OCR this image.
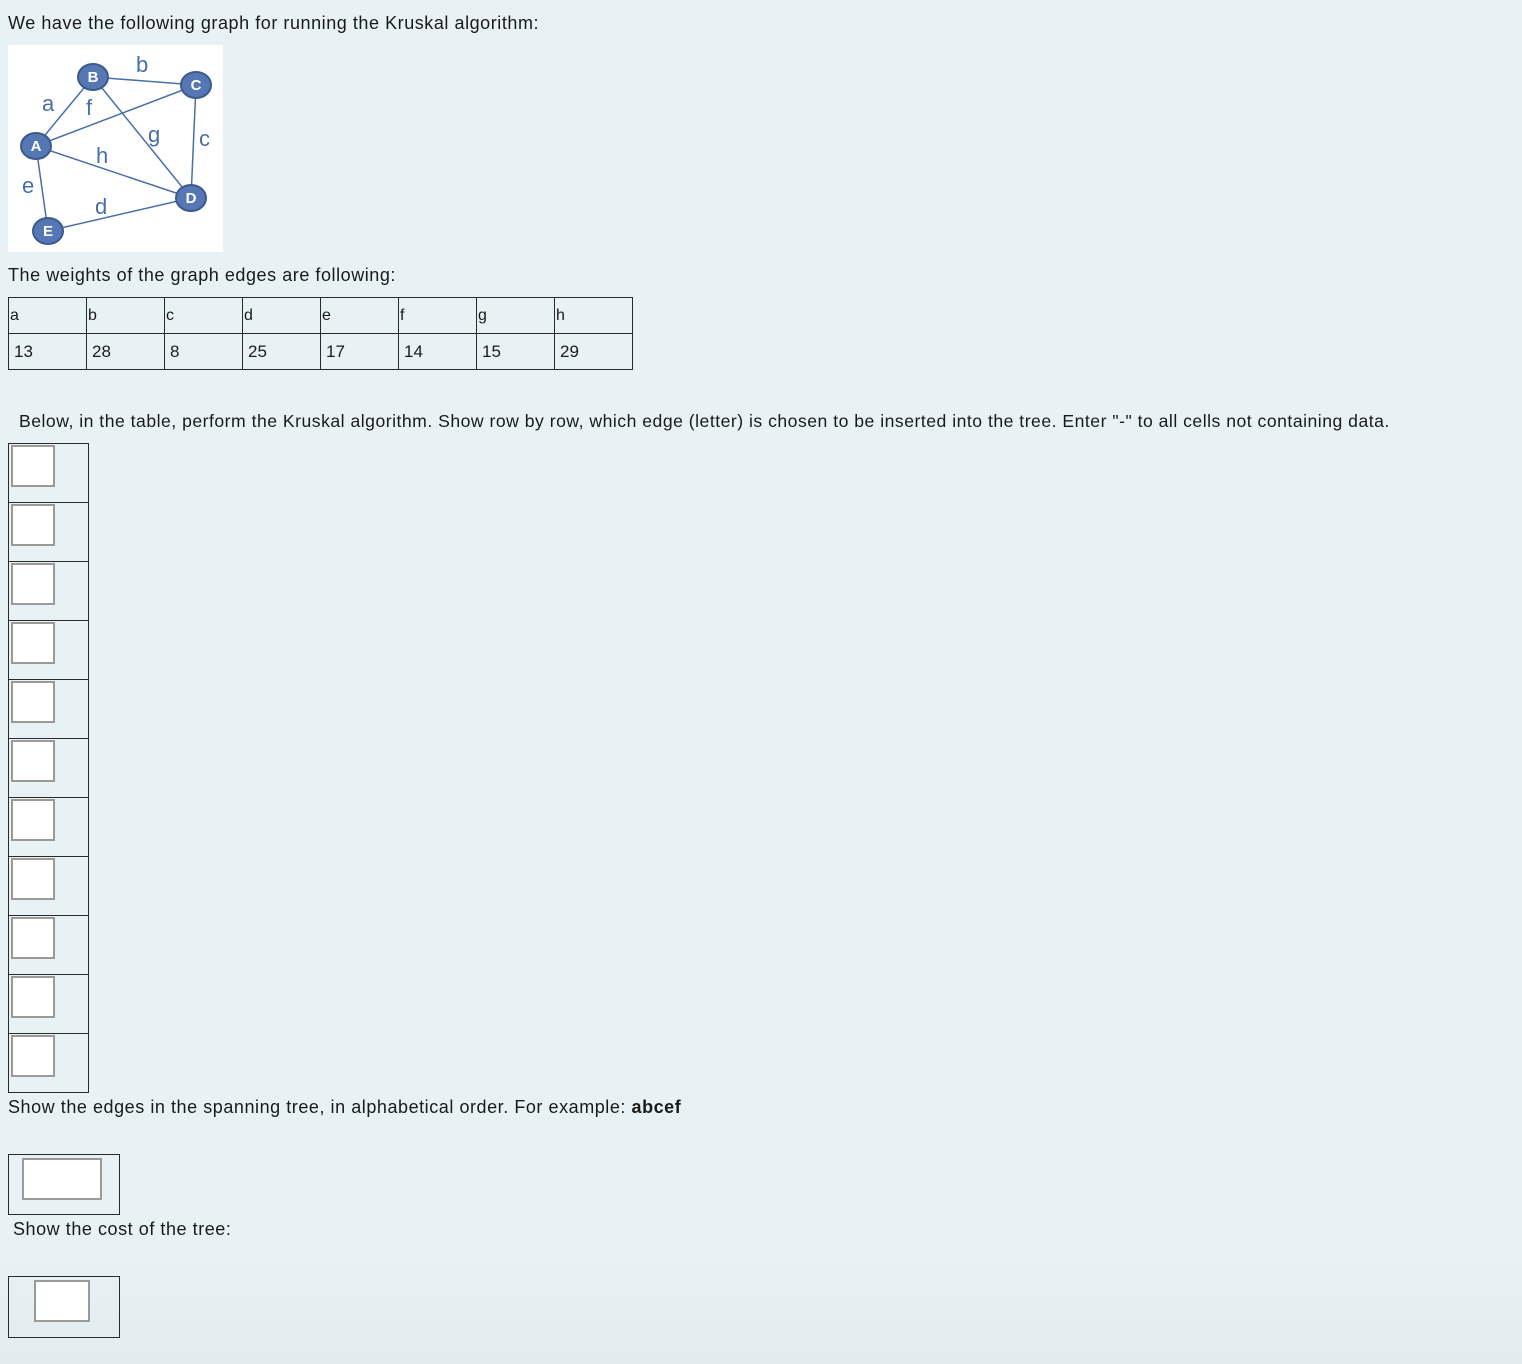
We have the following graph for running the Kruskal algorithm:
a
b
c
d
e
f
g
h
A
B	C
D
E
The weights of the graph edges are following:
a	b	c	d	e	f	g	h
13	28	8	25	17	14	15	29
Below, in the table, perform the Kruskal algorithm. Show row by row, which edge (letter) is chosen to be inserted into the tree. Enter "-" to all cells not containing data.

Show the edges in the spanning tree, in alphabetical order. For example: abcef
Show the cost of the tree:
